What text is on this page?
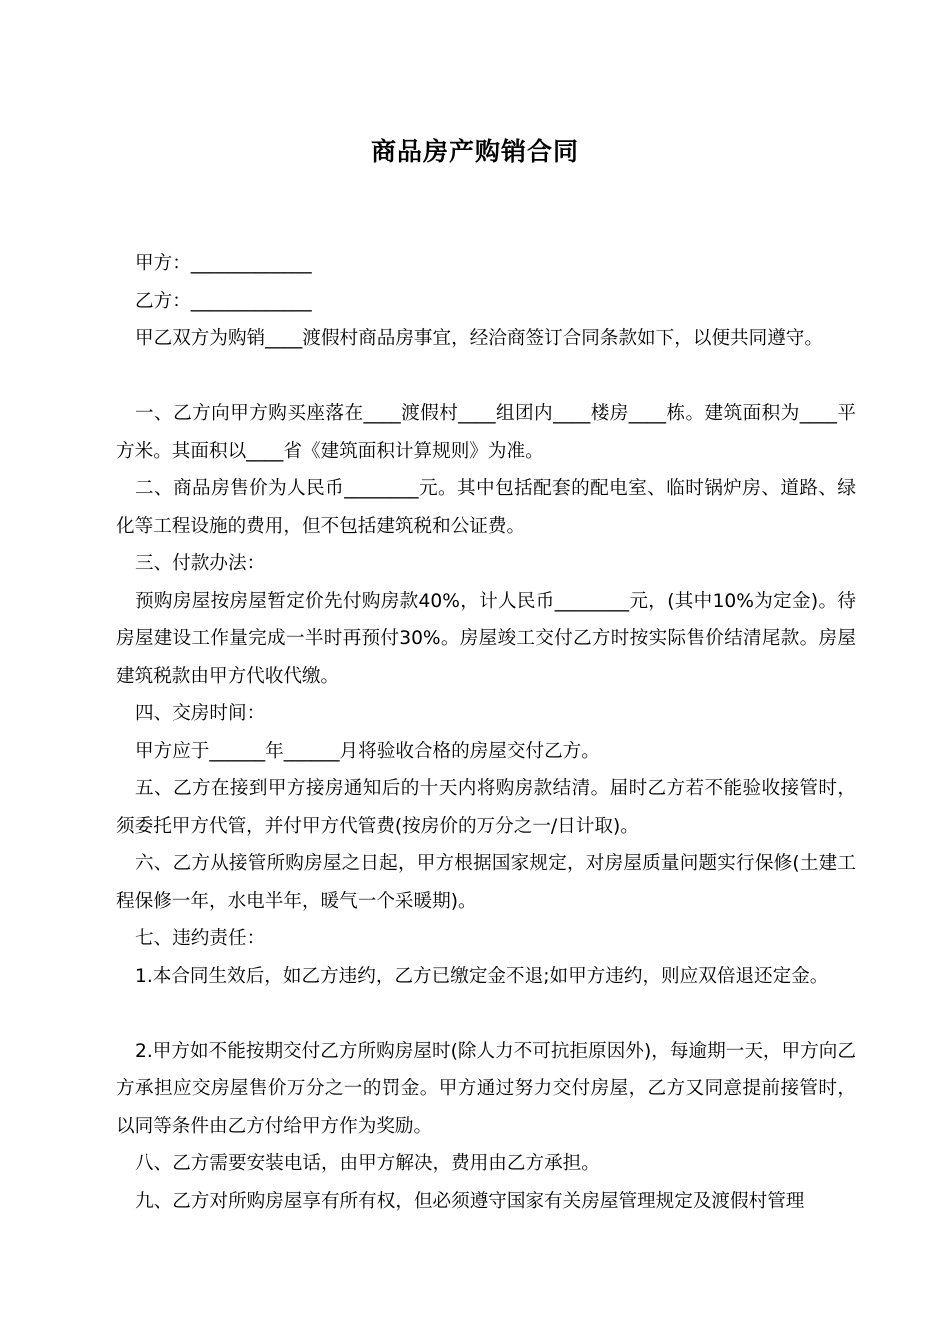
商品房产购销合同

甲方：_____________

乙方：_____________

甲乙双方为购销____渡假村商品房事宜，经洽商签订合同条款如下，以便共同遵守。

一、乙方向甲方购买座落在____渡假村____组团内____楼房____栋。建筑面积为____平方米。其面积以____省《建筑面积计算规则》为准。

二、商品房售价为人民币________元。其中包括配套的配电室、临时锅炉房、道路、绿化等工程设施的费用，但不包括建筑税和公证费。

三、付款办法：

预购房屋按房屋暂定价先付购房款40%，计人民币________元，(其中10%为定金)。待房屋建设工作量完成一半时再预付30%。房屋竣工交付乙方时按实际售价结清尾款。房屋建筑税款由甲方代收代缴。

四、交房时间：

甲方应于______年______月将验收合格的房屋交付乙方。

五、乙方在接到甲方接房通知后的十天内将购房款结清。届时乙方若不能验收接管时，须委托甲方代管，并付甲方代管费(按房价的万分之一/日计取)。

六、乙方从接管所购房屋之日起，甲方根据国家规定，对房屋质量问题实行保修(土建工程保修一年，水电半年，暖气一个采暖期)。

七、违约责任：

1.本合同生效后，如乙方违约，乙方已缴定金不退;如甲方违约，则应双倍退还定金。

2.甲方如不能按期交付乙方所购房屋时(除人力不可抗拒原因外)，每逾期一天，甲方向乙方承担应交房屋售价万分之一的罚金。甲方通过努力交付房屋，乙方又同意提前接管时，以同等条件由乙方付给甲方作为奖励。

八、乙方需要安装电话，由甲方解决，费用由乙方承担。

九、乙方对所购房屋享有所有权，但必须遵守国家有关房屋管理规定及渡假村管理
